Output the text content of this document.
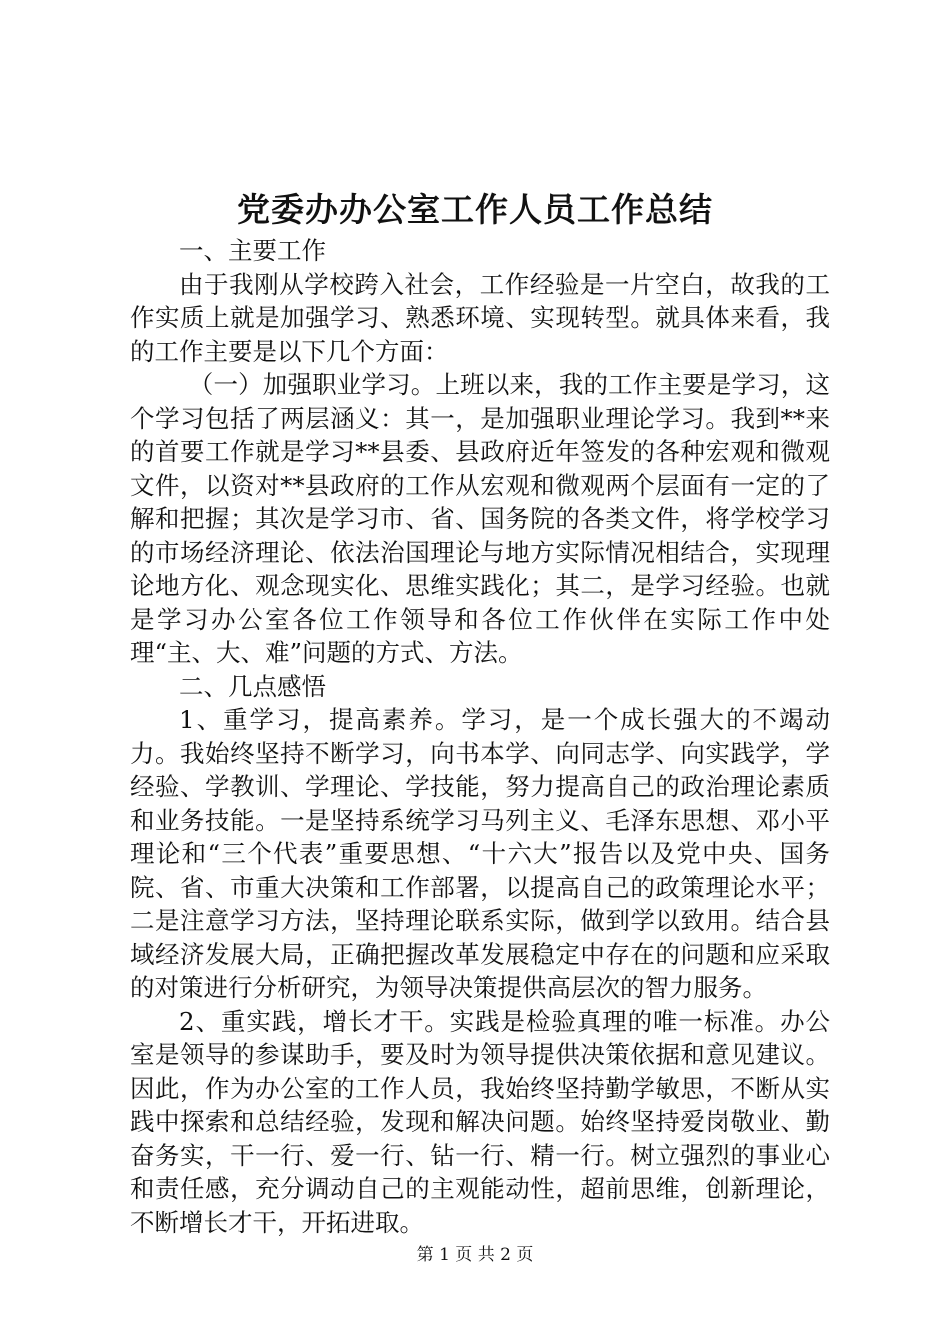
党委办办公室工作人员工作总结

一、主要工作

由于我刚从学校跨入社会，工作经验是一片空白，故我的工作实质上就是加强学习、熟悉环境、实现转型。就具体来看，我的工作主要是以下几个方面：

（一）加强职业学习。上班以来，我的工作主要是学习，这个学习包括了两层涵义：其一，是加强职业理论学习。我到**来的首要工作就是学习**县委、县政府近年签发的各种宏观和微观文件，以资对**县政府的工作从宏观和微观两个层面有一定的了解和把握；其次是学习市、省、国务院的各类文件，将学校学习的市场经济理论、依法治国理论与地方实际情况相结合，实现理论地方化、观念现实化、思维实践化；其二，是学习经验。也就是学习办公室各位工作领导和各位工作伙伴在实际工作中处理“主、大、难”问题的方式、方法。

二、几点感悟

1、重学习，提高素养。学习，是一个成长强大的不竭动力。我始终坚持不断学习，向书本学、向同志学、向实践学，学经验、学教训、学理论、学技能，努力提高自己的政治理论素质和业务技能。一是坚持系统学习马列主义、毛泽东思想、邓小平理论和“三个代表”重要思想、“十六大”报告以及党中央、国务院、省、市重大决策和工作部署，以提高自己的政策理论水平；二是注意学习方法，坚持理论联系实际，做到学以致用。结合县域经济发展大局，正确把握改革发展稳定中存在的问题和应采取的对策进行分析研究，为领导决策提供高层次的智力服务。

2、重实践，增长才干。实践是检验真理的唯一标准。办公室是领导的参谋助手，要及时为领导提供决策依据和意见建议。因此，作为办公室的工作人员，我始终坚持勤学敏思，不断从实践中探索和总结经验，发现和解决问题。始终坚持爱岗敬业、勤奋务实，干一行、爱一行、钻一行、精一行。树立强烈的事业心和责任感，充分调动自己的主观能动性，超前思维，创新理论，不断增长才干，开拓进取。

第 1 页 共 2 页
